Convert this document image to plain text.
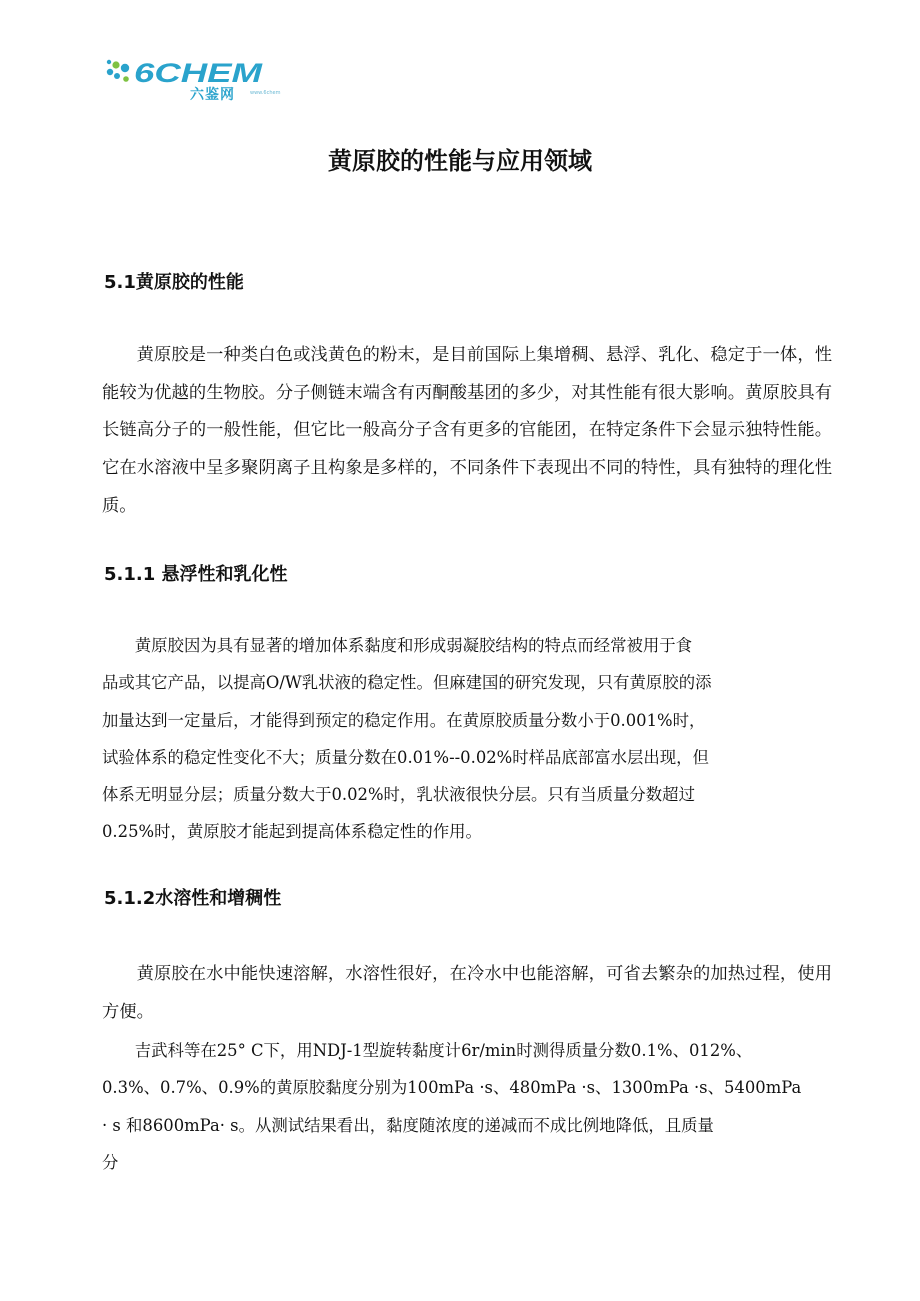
6CHEM
六鉴网	www.6chem
黄原胶的性能与应用领域
5.1黄原胶的性能

黄原胶是一种类白色或浅黄色的粉末，是目前国际上集增稠、悬浮、乳化、稳定于一体，性能较为优越的生物胶。分子侧链末端含有丙酮酸基团的多少，对其性能有很大影响。黄原胶具有长链高分子的一般性能，但它比一般高分子含有更多的官能团，在特定条件下会显示独特性能。它在水溶液中呈多聚阴离子且构象是多样的，不同条件下表现出不同的特性，具有独特的理化性质。

5.1.1 悬浮性和乳化性
　　黄原胶因为具有显著的增加体系黏度和形成弱凝胶结构的特点而经常被用于食
品或其它产品，以提高O/W乳状液的稳定性。但麻建国的研究发现，只有黄原胶的添
加量达到一定量后，才能得到预定的稳定作用。在黄原胶质量分数小于0.001%时，
试验体系的稳定性变化不大；质量分数在0.01%--0.02%时样品底部富水层出现，但
体系无明显分层；质量分数大于0.02%时，乳状液很快分层。只有当质量分数超过
0.25%时，黄原胶才能起到提高体系稳定性的作用。
5.1.2水溶性和增稠性

黄原胶在水中能快速溶解，水溶性很好，在冷水中也能溶解，可省去繁杂的加热过程，使用方便。

　　吉武科等在25° C下，用NDJ-1型旋转黏度计6r/min时测得质量分数0.1%、012%、
0.3%、0.7%、0.9%的黄原胶黏度分别为100mPa ·s、480mPa ·s、1300mPa ·s、5400mPa
· s 和8600mPa· s。从测试结果看出，黏度随浓度的递减而不成比例地降低，且质量
分
